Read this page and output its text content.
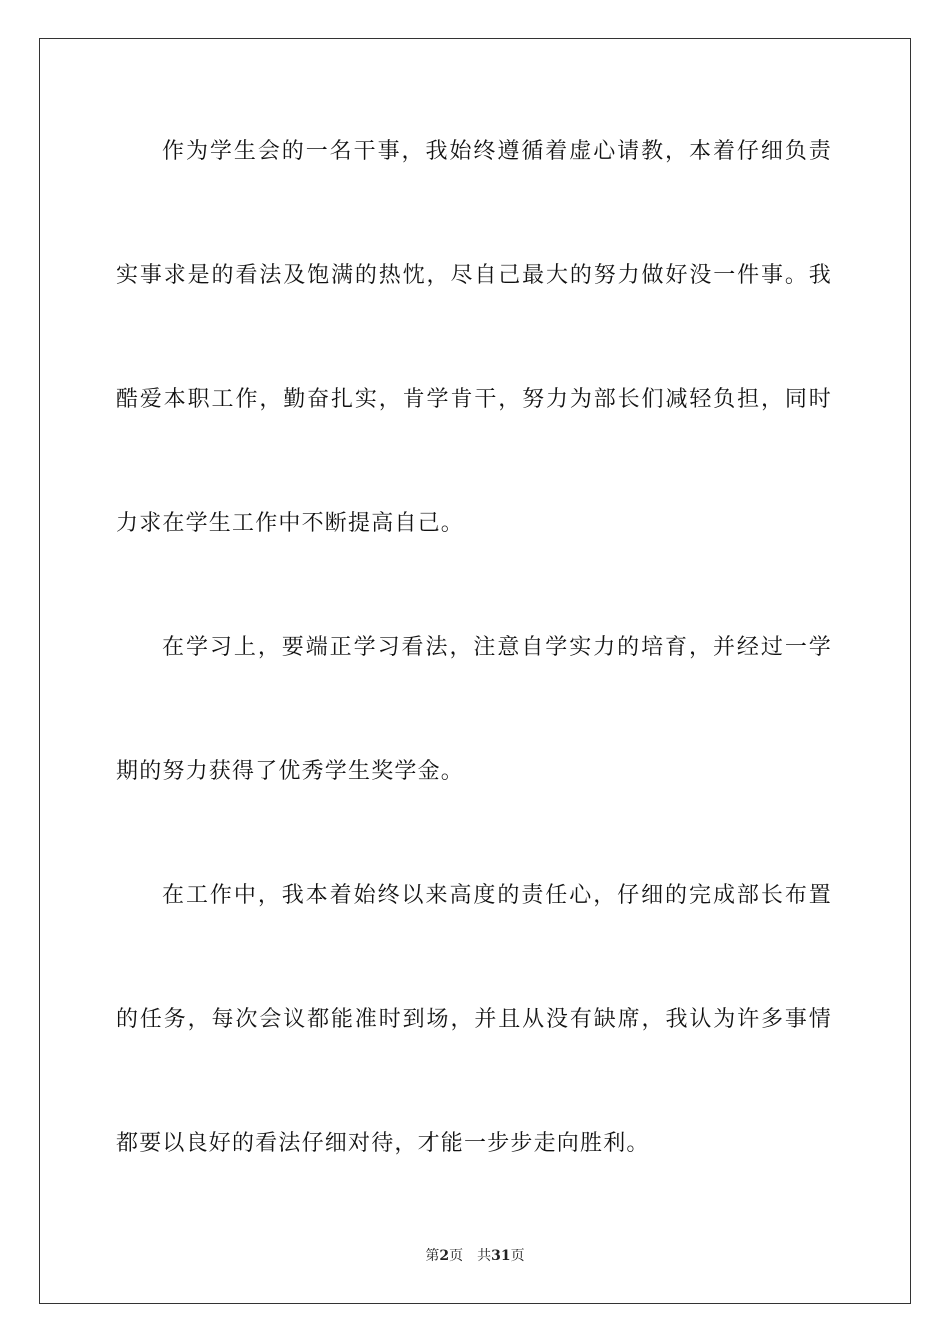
作为学生会的一名干事，我始终遵循着虚心请教，本着仔细负责
实事求是的看法及饱满的热忱，尽自己最大的努力做好没一件事。我
酷爱本职工作，勤奋扎实，肯学肯干，努力为部长们减轻负担，同时
力求在学生工作中不断提高自己。
在学习上，要端正学习看法，注意自学实力的培育，并经过一学
期的努力获得了优秀学生奖学金。
在工作中，我本着始终以来高度的责任心，仔细的完成部长布置
的任务，每次会议都能准时到场，并且从没有缺席，我认为许多事情
都要以良好的看法仔细对待，才能一步步走向胜利。
第2页 共31页
